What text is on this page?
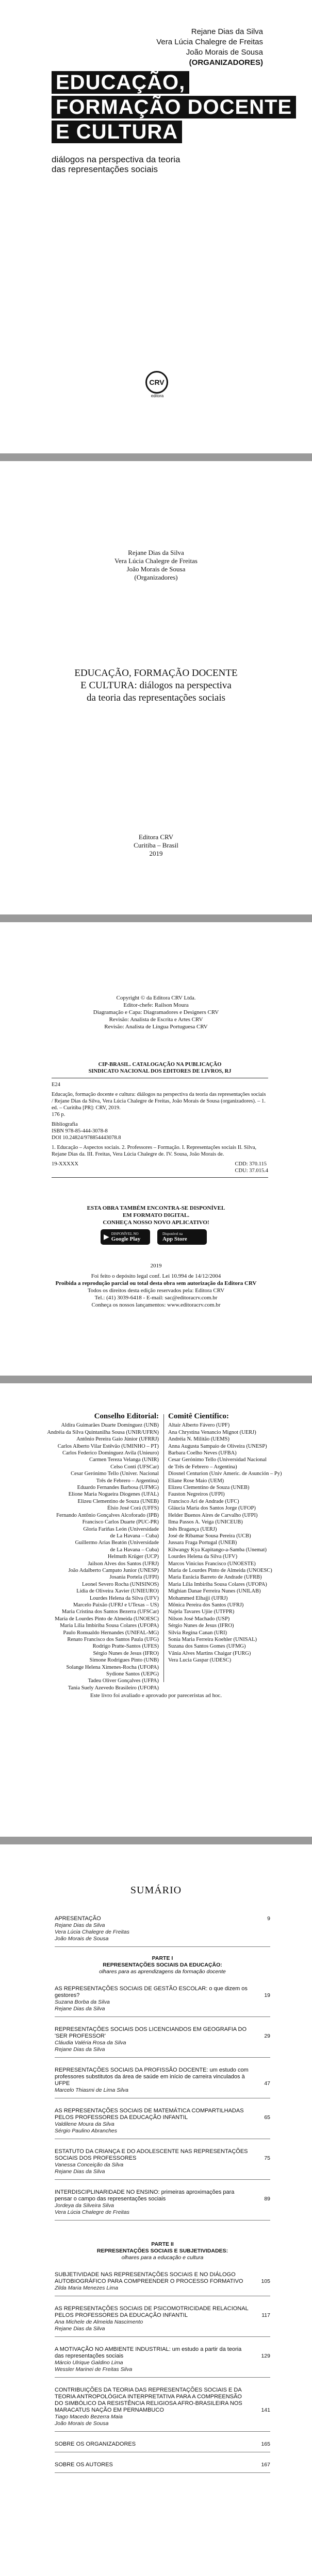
Rejane Dias da Silva
Vera Lúcia Chalegre de Freitas
João Morais de Sousa
(ORGANIZADORES)
EDUCAÇÃO,
FORMAÇÃO DOCENTE
E CULTURA
diálogos na perspectiva da teoria das representações sociais
CRV
editora
Rejane Dias da Silva
Vera Lúcia Chalegre de Freitas
João Morais de Sousa
(Organizadores)
EDUCAÇÃO, FORMAÇÃO DOCENTE
E CULTURA: diálogos na perspectiva
da teoria das representações sociais
Editora CRV
Curitiba – Brasil
2019
Copyright © da Editora CRV Ltda.
Editor-chefe: Railson Moura
Diagramação e Capa: Diagramadores e Designers CRV
Revisão: Analista de Escrita e Artes CRV
Revisão: Analista de Língua Portuguesa CRV
CIP-BRASIL. CATALOGAÇÃO NA PUBLICAÇÃO
SINDICATO NACIONAL DOS EDITORES DE LIVROS, RJ
E24
Educação, formação docente e cultura: diálogos na perspectiva da teoria das representações sociais / Rejane Dias da Silva, Vera Lúcia Chalegre de Freitas, João Morais de Sousa (organizadores). – 1. ed. – Curitiba [PR]: CRV, 2019.
176 p.
Bibliografia
ISBN 978-85-444-3078-8
DOI 10.24824/978854443078.8
1. Educação – Aspectos sociais. 2. Professores – Formação. I. Representações sociais II. Silva, Rejane Dias da. III. Freitas, Vera Lúcia Chalegre de. IV. Sousa, João Morais de.
19-XXXXX	CDD: 370.115
CDU: 37.015.4
ESTA OBRA TAMBÉM ENCONTRA-SE DISPONÍVEL
EM FORMATO DIGITAL.
CONHEÇA NOSSO NOVO APLICATIVO!
▶ DISPONÍVEL NO
Google Play
Disponível na
App Store
2019
Foi feito o depósito legal conf. Lei 10.994 de 14/12/2004
Proibida a reprodução parcial ou total desta obra sem autorização da Editora CRV
Todos os direitos desta edição reservados pela: Editora CRV
Tel.: (41) 3039-6418 - E-mail: sac@editoracrv.com.br
Conheça os nossos lançamentos: www.editoracrv.com.br
Conselho Editorial:
Aldira Guimarães Duarte Domínguez (UNB)
Andréia da Silva Quintanilha Sousa (UNIR/UFRN)
Antônio Pereira Gaio Júnior (UFRRJ)
Carlos Alberto Vilar Estêvão (UMINHO – PT)
Carlos Federico Dominguez Avila (Unieuro)
Carmen Tereza Velanga (UNIR)
Celso Conti (UFSCar)
Cesar Gerónimo Tello (Univer. Nacional
Três de Febrero – Argentina)
Eduardo Fernandes Barbosa (UFMG)
Elione Maria Nogueira Diogenes (UFAL)
Elizeu Clementino de Souza (UNEB)
Élsio José Corá (UFFS)
Fernando Antônio Gonçalves Alcoforado (IPB)
Francisco Carlos Duarte (PUC-PR)
Gloria Fariñas León (Universidade
de La Havana – Cuba)
Guillermo Arias Beatón (Universidade
de La Havana – Cuba)
Helmuth Krüger (UCP)
Jailson Alves dos Santos (UFRJ)
João Adalberto Campato Junior (UNESP)
Josania Portela (UFPI)
Leonel Severo Rocha (UNISINOS)
Lídia de Oliveira Xavier (UNIEURO)
Lourdes Helena da Silva (UFV)
Marcelo Paixão (UFRJ e UTexas – US)
Maria Cristina dos Santos Bezerra (UFSCar)
Maria de Lourdes Pinto de Almeida (UNOESC)
Maria Lília Imbiriba Sousa Colares (UFOPA)
Paulo Romualdo Hernandes (UNIFAL-MG)
Renato Francisco dos Santos Paula (UFG)
Rodrigo Pratte-Santos (UFES)
Sérgio Nunes de Jesus (IFRO)
Simone Rodrigues Pinto (UNB)
Solange Helena Ximenes-Rocha (UFOPA)
Sydione Santos (UEPG)
Tadeu Oliver Gonçalves (UFPA)
Tania Suely Azevedo Brasileiro (UFOPA)
Comitê Científico:
Altair Alberto Fávero (UPF)
Ana Chrystina Venancio Mignot (UERJ)
Andréia N. Militão (UEMS)
Anna Augusta Sampaio de Oliveira (UNESP)
Barbara Coelho Neves (UFBA)
Cesar Gerónimo Tello (Universidad Nacional
de Três de Febrero – Argentina)
Diosnel Centurion (Univ Americ. de Asunción – Py)
Eliane Rose Maio (UEM)
Elizeu Clementino de Souza (UNEB)
Fauston Negreiros (UFPI)
Francisco Ari de Andrade (UFC)
Gláucia Maria dos Santos Jorge (UFOP)
Helder Buenos Aires de Carvalho (UFPI)
Ilma Passos A. Veiga (UNICEUB)
Inês Bragança (UERJ)
José de Ribamar Sousa Pereira (UCB)
Jussara Fraga Portugal (UNEB)
Kilwangy Kya Kapitango-a-Samba (Unemat)
Lourdes Helena da Silva (UFV)
Marcos Vinicius Francisco (UNOESTE)
Maria de Lourdes Pinto de Almeida (UNOESC)
Maria Eurácia Barreto de Andrade (UFRB)
Maria Lília Imbiriba Sousa Colares (UFOPA)
Míghian Danae Ferreira Nunes (UNILAB)
Mohammed Elhajji (UFRJ)
Mônica Pereira dos Santos (UFRJ)
Najela Tavares Ujiie (UTFPR)
Nilson José Machado (USP)
Sérgio Nunes de Jesus (IFRO)
Silvia Regina Canan (URI)
Sonia Maria Ferreira Koehler (UNISAL)
Suzana dos Santos Gomes (UFMG)
Vânia Alves Martins Chaigar (FURG)
Vera Lucia Gaspar (UDESC)
Este livro foi avaliado e aprovado por pareceristas ad hoc.
SUMÁRIO
APRESENTAÇÃO	9
Rejane Dias da Silva
Vera Lúcia Chalegre de Freitas
João Morais de Sousa
PARTE I
REPRESENTAÇÕES SOCIAIS DA EDUCAÇÃO:
olhares para as aprendizagens da formação docente
AS REPRESENTAÇÕES SOCIAIS DE GESTÃO ESCOLAR: o que dizem os gestores?	19
Suzana Borba da Silva
Rejane Dias da Silva
REPRESENTAÇÕES SOCIAIS DOS LICENCIANDOS EM GEOGRAFIA DO 'SER PROFESSOR'	29
Cláudia Valéria Rosa da Silva
Rejane Dias da Silva
REPRESENTAÇÕES SOCIAIS DA PROFISSÃO DOCENTE: um estudo com professores substitutos da área de saúde em início de carreira vinculados à UFPE	47
Marcelo Thiasmi de Lima Silva
AS REPRESENTAÇÕES SOCIAIS DE MATEMÁTICA COMPARTILHADAS PELOS PROFESSORES DA EDUCAÇÃO INFANTIL	65
Valdilene Moura da Silva
Sérgio Paulino Abranches
ESTATUTO DA CRIANÇA E DO ADOLESCENTE NAS REPRESENTAÇÕES SOCIAIS DOS PROFESSORES	75
Vanessa Conceição da Silva
Rejane Dias da Silva
INTERDISCIPLINARIDADE NO ENSINO: primeiras aproximações para pensar o campo das representações sociais	89
Jordeya da Silveira Silva
Vera Lúcia Chalegre de Freitas
PARTE II
REPRESENTAÇÕES SOCIAIS E SUBJETIVIDADES:
olhares para a educação e cultura
SUBJETIVIDADE NAS REPRESENTAÇÕES SOCIAIS E NO DIÁLOGO AUTOBIOGRÁFICO PARA COMPREENDER O PROCESSO FORMATIVO	105
Zilda Maria Menezes Lima
AS REPRESENTAÇÕES SOCIAIS DE PSICOMOTRICIDADE RELACIONAL PELOS PROFESSORES DA EDUCAÇÃO INFANTIL	117
Ana Michele de Almeida Nascimento
Rejane Dias da Silva
A MOTIVAÇÃO NO AMBIENTE INDUSTRIAL: um estudo a partir da teoria das representações sociais	129
Márcio Ulrique Galdino Lima
Wessler Marinei de Freitas Silva
CONTRIBUIÇÕES DA TEORIA DAS REPRESENTAÇÕES SOCIAIS E DA TEORIA ANTROPOLÓGICA INTERPRETATIVA PARA A COMPREENSÃO DO SIMBÓLICO DA RESISTÊNCIA RELIGIOSA AFRO-BRASILEIRA NOS MARACATUS NAÇÃO EM PERNAMBUCO	141
Tiago Macedo Bezerra Maia
João Morais de Sousa
SOBRE OS ORGANIZADORES	165
SOBRE OS AUTORES	167
